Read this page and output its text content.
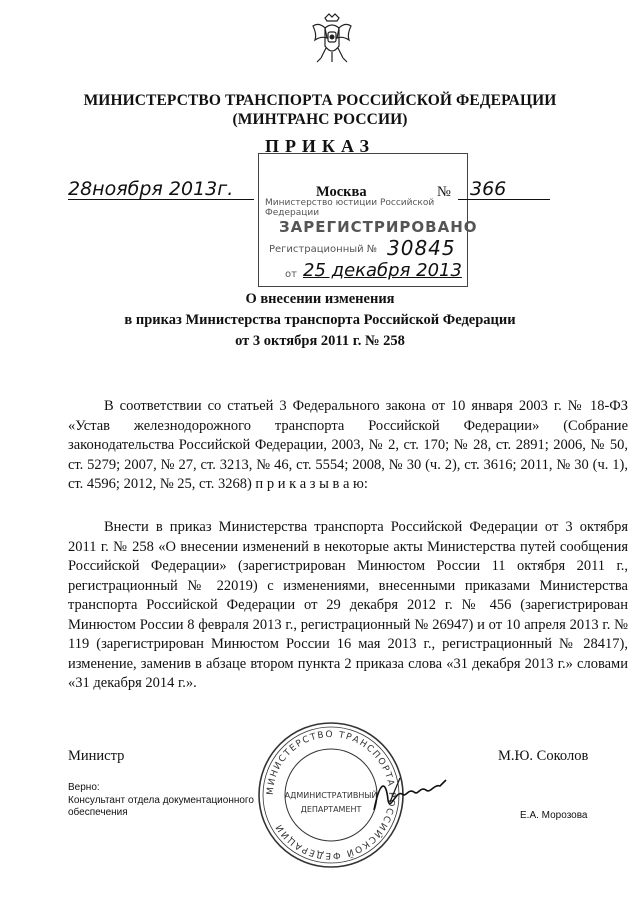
МИНИСТЕРСТВО ТРАНСПОРТА РОССИЙСКОЙ ФЕДЕРАЦИИ
(МИНТРАНС РОССИИ)
ПРИКАЗ
Министерство юстиции Российской Федерации
ЗАРЕГИСТРИРОВАНО
Регистрационный № 30845
от 25 декабря 2013
28ноября 2013г.	Москва	№ 366
О внесении изменения
в приказ Министерства транспорта Российской Федерации
от 3 октября 2011 г. № 258
В соответствии со статьей 3 Федерального закона от 10 января 2003 г. № 18-ФЗ «Устав железнодорожного транспорта Российской Федерации» (Собрание законодательства Российской Федерации, 2003, № 2, ст. 170; № 28, ст. 2891; 2006, № 50, ст. 5279; 2007, № 27, ст. 3213, № 46, ст. 5554; 2008, № 30 (ч. 2), ст. 3616; 2011, № 30 (ч. 1), ст. 4596; 2012, № 25, ст. 3268) п р и к а з ы в а ю:
Внести в приказ Министерства транспорта Российской Федерации от 3 октября 2011 г. № 258 «О внесении изменений в некоторые акты Министерства путей сообщения Российской Федерации» (зарегистрирован Минюстом России 11 октября 2011 г., регистрационный № 22019) с изменениями, внесенными приказами Министерства транспорта Российской Федерации от 29 декабря 2012 г. № 456 (зарегистрирован Минюстом России 8 февраля 2013 г., регистрационный № 26947) и от 10 апреля 2013 г. № 119 (зарегистрирован Минюстом России 16 мая 2013 г., регистрационный № 28417), изменение, заменив в абзаце втором пункта 2 приказа слова «31 декабря 2013 г.» словами «31 декабря 2014 г.».
Министр	М.Ю. Соколов
Верно:
Консультант отдела документационного
обеспечения	Е.А. Морозова
МИНИСТЕРСТВО ТРАНСПОРТА РОССИЙСКОЙ ФЕДЕРАЦИИ
АДМИНИСТРАТИВНЫЙ
ДЕПАРТАМЕНТ
